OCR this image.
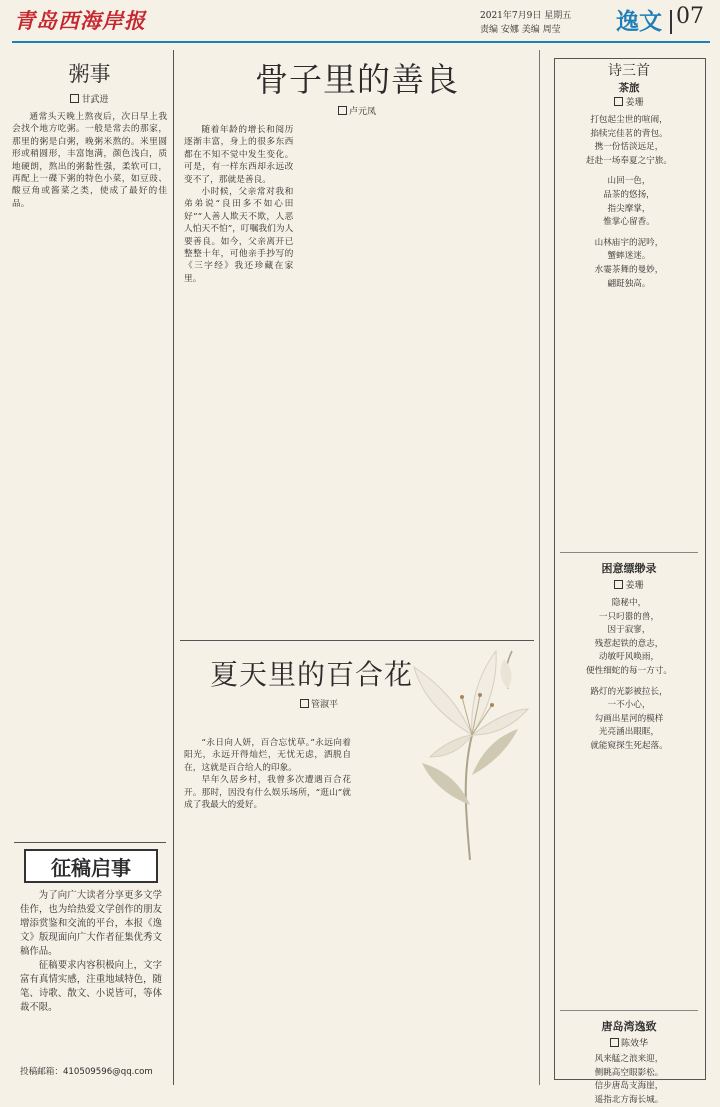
青岛西海岸报	2021年7月9日 星期五
责编 安娜 美编 周莹 逸文 07
粥事
甘武进

通常头天晚上熬夜后，次日早上我会找个地方吃粥。一般是常去的那家，那里的粥是白粥，晚粥米熬的。米里圆形或稍圆形，丰富饱满，颜色浅白，质地硬朗，熬出的粥黏性强，柔软可口，再配上一碟下粥的特色小菜，如豆豉、酸豆角或酱菜之类，使成了最好的佳品。

征稿启事

为了向广大读者分享更多文学佳作，也为给热爱文学创作的朋友增添赏鉴和交流的平台，本报《逸文》版现面向广大作者征集优秀文稿作品。

征稿要求内容积极向上，文字富有真情实感，注重地域特色，随笔、诗歌、散文、小说皆可，等体裁不限。

投稿邮箱：410509596@qq.com
骨子里的善良
卢元凤

随着年龄的增长和阅历逐渐丰富，身上的很多东西都在不知不觉中发生变化。可是，有一样东西却永远改变不了，那就是善良。

小时候，父亲常对我和弟弟说“良田多不如心田好”“人善人欺天不欺，人恶人怕天不怕”，叮嘱我们为人要善良。如今，父亲离开已整整十年，可他亲手抄写的《三字经》我还珍藏在家里。

夏天里的百合花
管淑平

“永日向人妍，百合忘忧草。”永远向着阳光，永远开得灿烂，无忧无虑，洒脱自在，这就是百合给人的印象。

早年久居乡村，我曾多次遭遇百合花开。那时，因没有什么娱乐场所，“逛山”就成了我最大的爱好。

诗三首
茶旅
姜珊

打包起尘世的喧闹，

掐犊完佳茗的背包。

携一份恬淡远足，

赶赴一场奉夏之宁旅。

山回一色，

品茶的悠扬，

指尖摩掌，

惟掌心留香。

山林庙宇的泥吟，

蟹蟀迷迷。

水霎茶舞的曼妙，

翩跹独高。

困意缥缈录
姜珊

隐秘中，

一只叼嚣的兽，

因于寂寥，

残惹起铁的意志，

动敏吁风唤雨，

便性细蛇的每一方寸。

路灯的光影被拉长，

一不小心，

勾画出星河的模样

光亮涵出眼眶，

就能窥探生死起落。

唐岛湾逸致
陈效华

风来艋之浪来迎，

侧眺高空眼影松。

信步唐岛支海崖，

遥指北方海长城。
